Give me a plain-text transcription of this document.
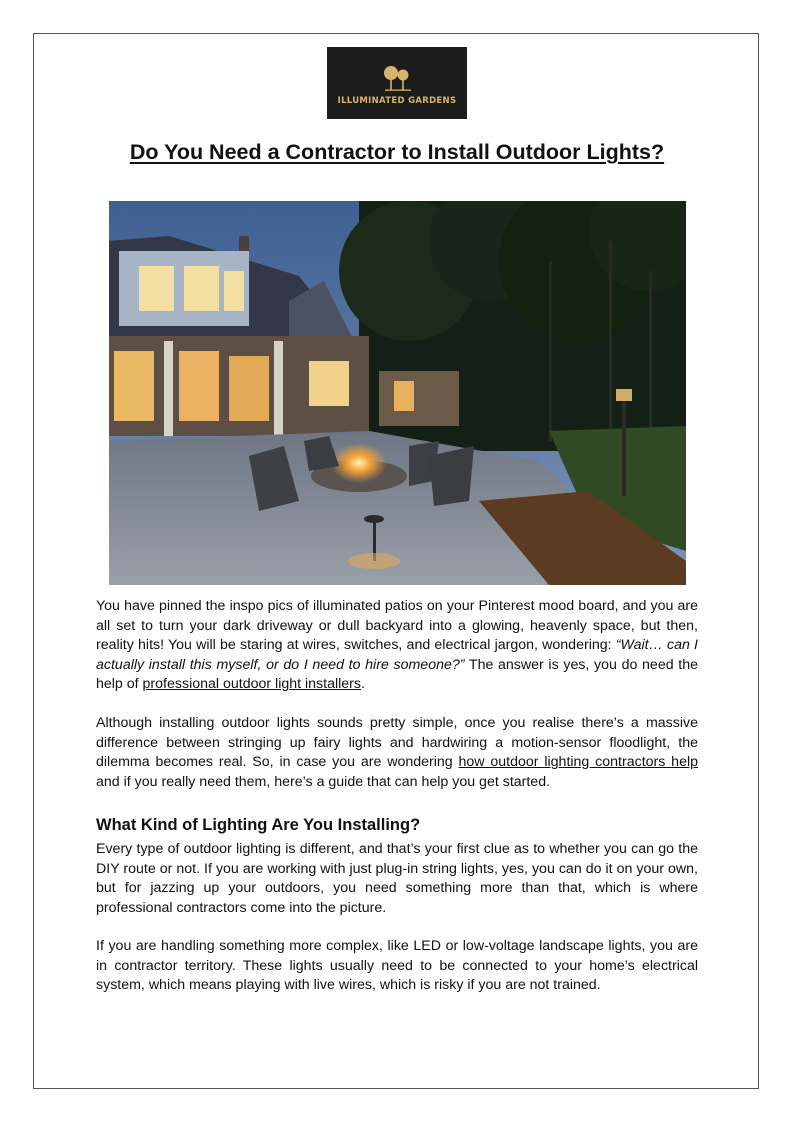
ILLUMINATED GARDENS
Do You Need a Contractor to Install Outdoor Lights?

You have pinned the inspo pics of illuminated patios on your Pinterest mood board, and you are all set to turn your dark driveway or dull backyard into a glowing, heavenly space, but then, reality hits! You will be staring at wires, switches, and electrical jargon, wondering: “Wait… can I actually install this myself, or do I need to hire someone?” The answer is yes, you do need the help of professional outdoor light installers.

Although installing outdoor lights sounds pretty simple, once you realise there’s a massive difference between stringing up fairy lights and hardwiring a motion-sensor floodlight, the dilemma becomes real. So, in case you are wondering how outdoor lighting contractors help and if you really need them, here’s a guide that can help you get started.

What Kind of Lighting Are You Installing?

Every type of outdoor lighting is different, and that’s your first clue as to whether you can go the DIY route or not. If you are working with just plug-in string lights, yes, you can do it on your own, but for jazzing up your outdoors, you need something more than that, which is where professional contractors come into the picture.

If you are handling something more complex, like LED or low-voltage landscape lights, you are in contractor territory. These lights usually need to be connected to your home’s electrical system, which means playing with live wires, which is risky if you are not trained.
